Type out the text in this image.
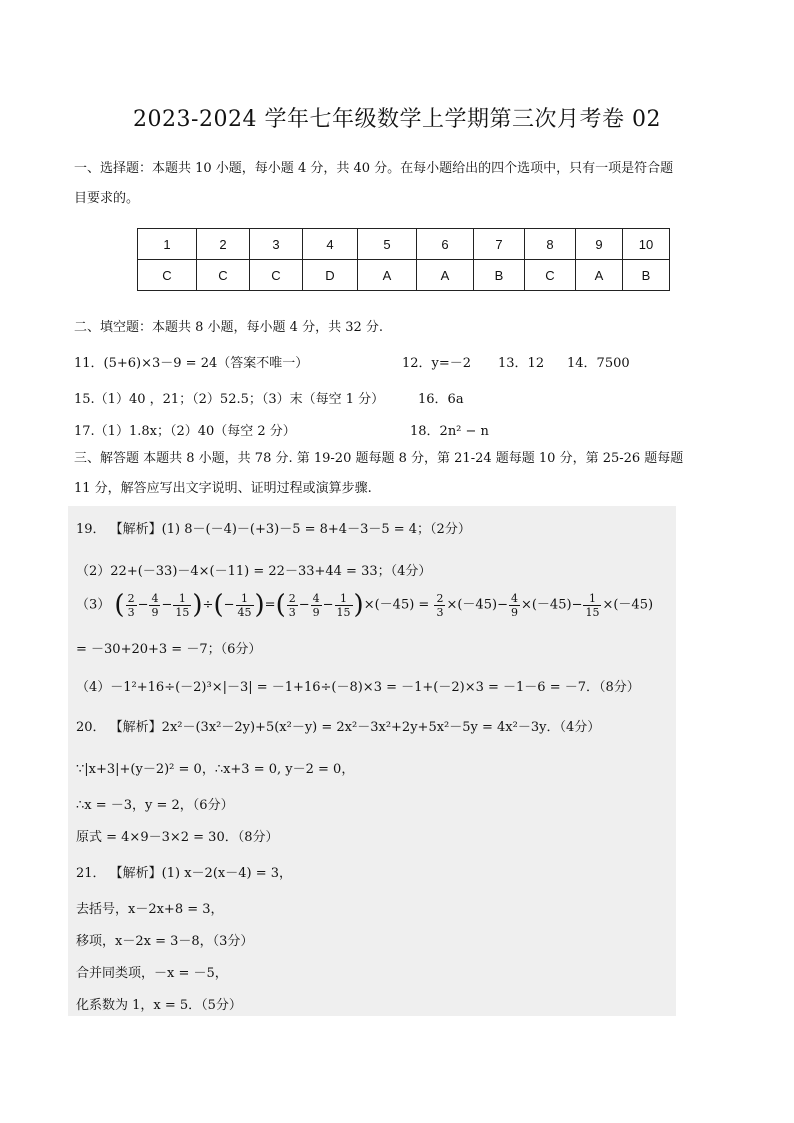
2023-2024 学年七年级数学上学期第三次月考卷 02
一、选择题：本题共 10 小题，每小题 4 分，共 40 分。在每小题给出的四个选项中，只有一项是符合题目要求的。
1	2	3	4	5	6	7	8	9	10
C	C	C	D	A	A	B	C	A	B
二、填空题：本题共 8 小题，每小题 4 分，共 32 分.
11．(5+6)×3－9 = 24（答案不唯一）	12．y=－2 13．12 14．7500
15.（1）40 ，21；（2）52.5；（3）末（每空 1 分）	16．6a
17.（1）1.8x；（2）40（每空 2 分）	18．2n² − n
三、解答题 本题共 8 小题，共 78 分. 第 19-20 题每题 8 分，第 21-24 题每题 10 分，第 25-26 题每题 11 分，解答应写出文字说明、证明过程或演算步骤.
19． 【解析】(1) 8－(－4)－(+3)－5 = 8+4－3－5 = 4；（2分）
（2）22+(－33)－4×(－11) = 22－33+44 = 33；（4分）
（3） ( $\frac{2}{3} - \frac{4}{9} - \frac{1}{15}$ )÷(− $\frac{1}{45}$ )=( $\frac{2}{3} - \frac{4}{9} - \frac{1}{15} )\times(-45) = \frac{2}{3} \times(-45)- \frac{4}{9} \times(-45)- \frac{1}{15} \times(-45)$
= －30+20+3 = －7；（6分）
（4）－1²+16÷(－2)³×|－3| = －1+16÷(－8)×3 = －1+(－2)×3 = －1－6 = －7．（8分）
20． 【解析】2x²－(3x²－2y)+5(x²－y) = 2x²－3x²+2y+5x²－5y = 4x²－3y．（4分）
∵|x+3|+(y－2)² = 0，∴x+3 = 0, y－2 = 0，
∴x = －3，y = 2，（6分）
原式 = 4×9－3×2 = 30．（8分）
21． 【解析】(1) x－2(x－4) = 3，
去括号，x－2x+8 = 3，
移项，x－2x = 3－8，（3分）
合并同类项，－x = －5，
化系数为 1，x = 5．（5分）
